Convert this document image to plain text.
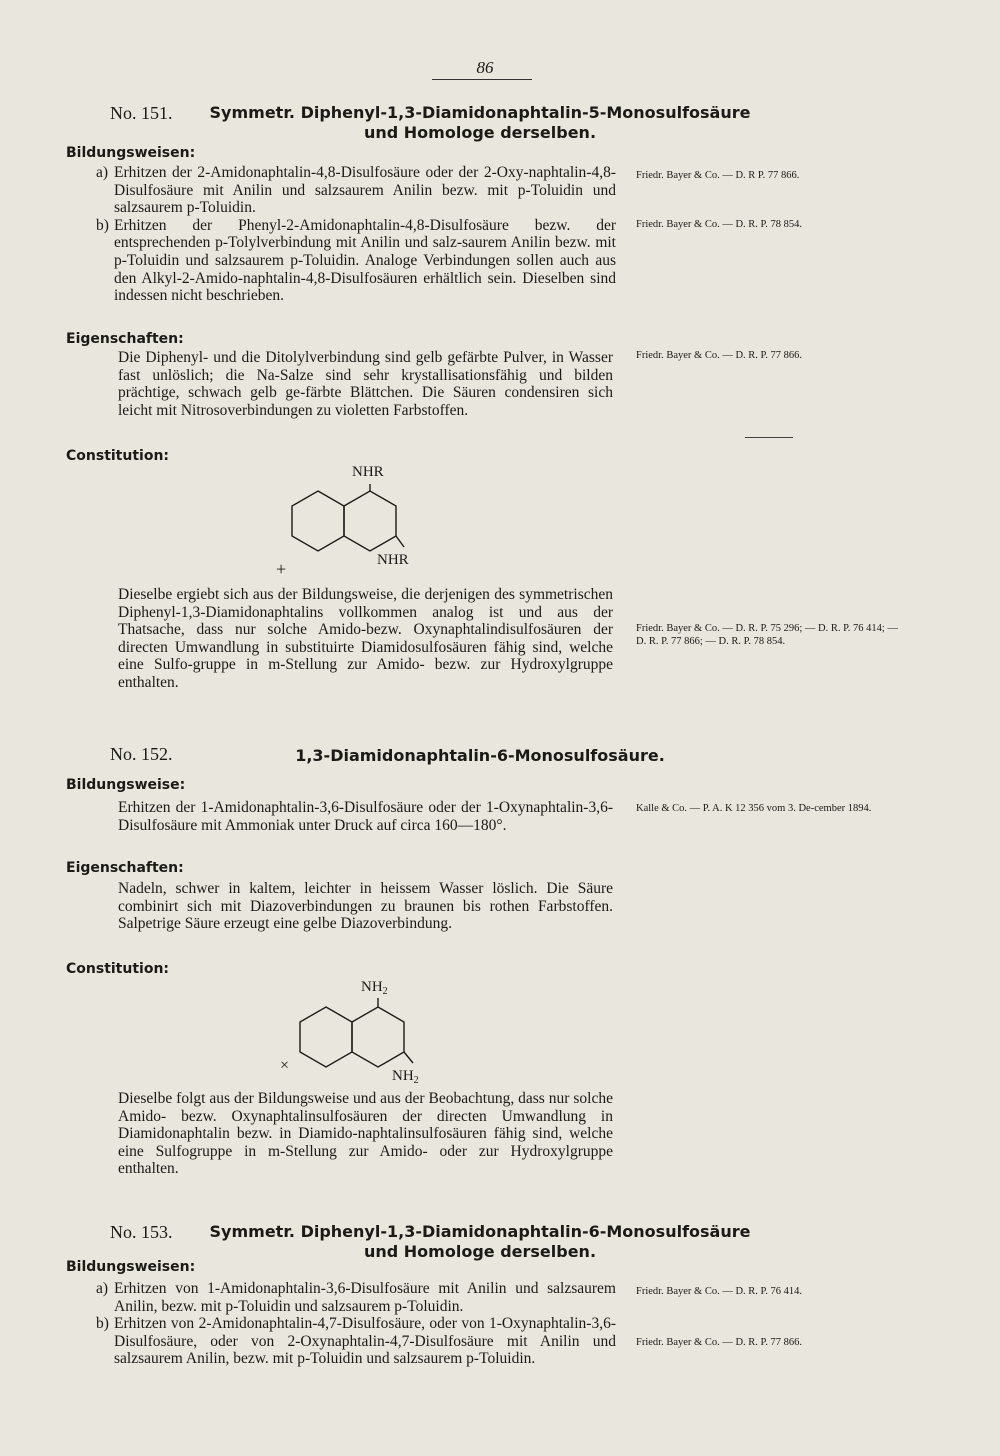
86
No. 151.	Symmetr. Diphenyl-1,3-Diamidonaphtalin-5-Monosulfosäure
und Homologe derselben.
Bildungsweisen:
a) Erhitzen der 2-Amidonaphtalin-4,8-Disulfosäure oder der 2-Oxy-naphtalin-4,8-Disulfosäure mit Anilin und salzsaurem Anilin bezw. mit p-Toluidin und salzsaurem p-Toluidin.
b) Erhitzen der Phenyl-2-Amidonaphtalin-4,8-Disulfosäure bezw. der entsprechenden p-Tolylverbindung mit Anilin und salz-saurem Anilin bezw. mit p-Toluidin und salzsaurem p-Toluidin. Analoge Verbindungen sollen auch aus den Alkyl-2-Amido-naphtalin-4,8-Disulfosäuren erhältlich sein. Dieselben sind indessen nicht beschrieben.
Friedr. Bayer & Co. — D. R P. 77 866.
Friedr. Bayer & Co. — D. R. P. 78 854.
Eigenschaften:

Die Diphenyl- und die Ditolylverbindung sind gelb gefärbte Pulver, in Wasser fast unlöslich; die Na-Salze sind sehr krystallisationsfähig und bilden prächtige, schwach gelb ge-färbte Blättchen. Die Säuren condensiren sich leicht mit Nitrosoverbindungen zu violetten Farbstoffen.

Friedr. Bayer & Co. — D. R. P. 77 866.
Constitution:
NHR
NHR
+

Dieselbe ergiebt sich aus der Bildungsweise, die derjenigen des symmetrischen Diphenyl-1,3-Diamidonaphtalins vollkommen analog ist und aus der Thatsache, dass nur solche Amido-bezw. Oxynaphtalindisulfosäuren der directen Umwandlung in substituirte Diamidosulfosäuren fähig sind, welche eine Sulfo-gruppe in m-Stellung zur Amido- bezw. zur Hydroxylgruppe enthalten.

Friedr. Bayer & Co. — D. R. P. 75 296; — D. R. P. 76 414; — D. R. P. 77 866; — D. R. P. 78 854.
No. 152.	1,3-Diamidonaphtalin-6-Monosulfosäure.
Bildungsweise:

Erhitzen der 1-Amidonaphtalin-3,6-Disulfosäure oder der 1-Oxynaphtalin-3,6-Disulfosäure mit Ammoniak unter Druck auf circa 160—180°.

Kalle & Co. — P. A. K 12 356 vom 3. De-cember 1894.
Eigenschaften:

Nadeln, schwer in kaltem, leichter in heissem Wasser löslich. Die Säure combinirt sich mit Diazoverbindungen zu braunen bis rothen Farbstoffen. Salpetrige Säure erzeugt eine gelbe Diazoverbindung.

Constitution:
$NH_2$
$NH_2$
×

Dieselbe folgt aus der Bildungsweise und aus der Beobachtung, dass nur solche Amido- bezw. Oxynaphtalinsulfosäuren der directen Umwandlung in Diamidonaphtalin bezw. in Diamido-naphtalinsulfosäuren fähig sind, welche eine Sulfogruppe in m-Stellung zur Amido- oder zur Hydroxylgruppe enthalten.

No. 153.	Symmetr. Diphenyl-1,3-Diamidonaphtalin-6-Monosulfosäure
und Homologe derselben.
Bildungsweisen:
a) Erhitzen von 1-Amidonaphtalin-3,6-Disulfosäure mit Anilin und salzsaurem Anilin, bezw. mit p-Toluidin und salzsaurem p-Toluidin.
b) Erhitzen von 2-Amidonaphtalin-4,7-Disulfosäure, oder von 1-Oxynaphtalin-3,6-Disulfosäure, oder von 2-Oxynaphtalin-4,7-Disulfosäure mit Anilin und salzsaurem Anilin, bezw. mit p-Toluidin und salzsaurem p-Toluidin.
Friedr. Bayer & Co. — D. R. P. 76 414.
Friedr. Bayer & Co. — D. R. P. 77 866.
